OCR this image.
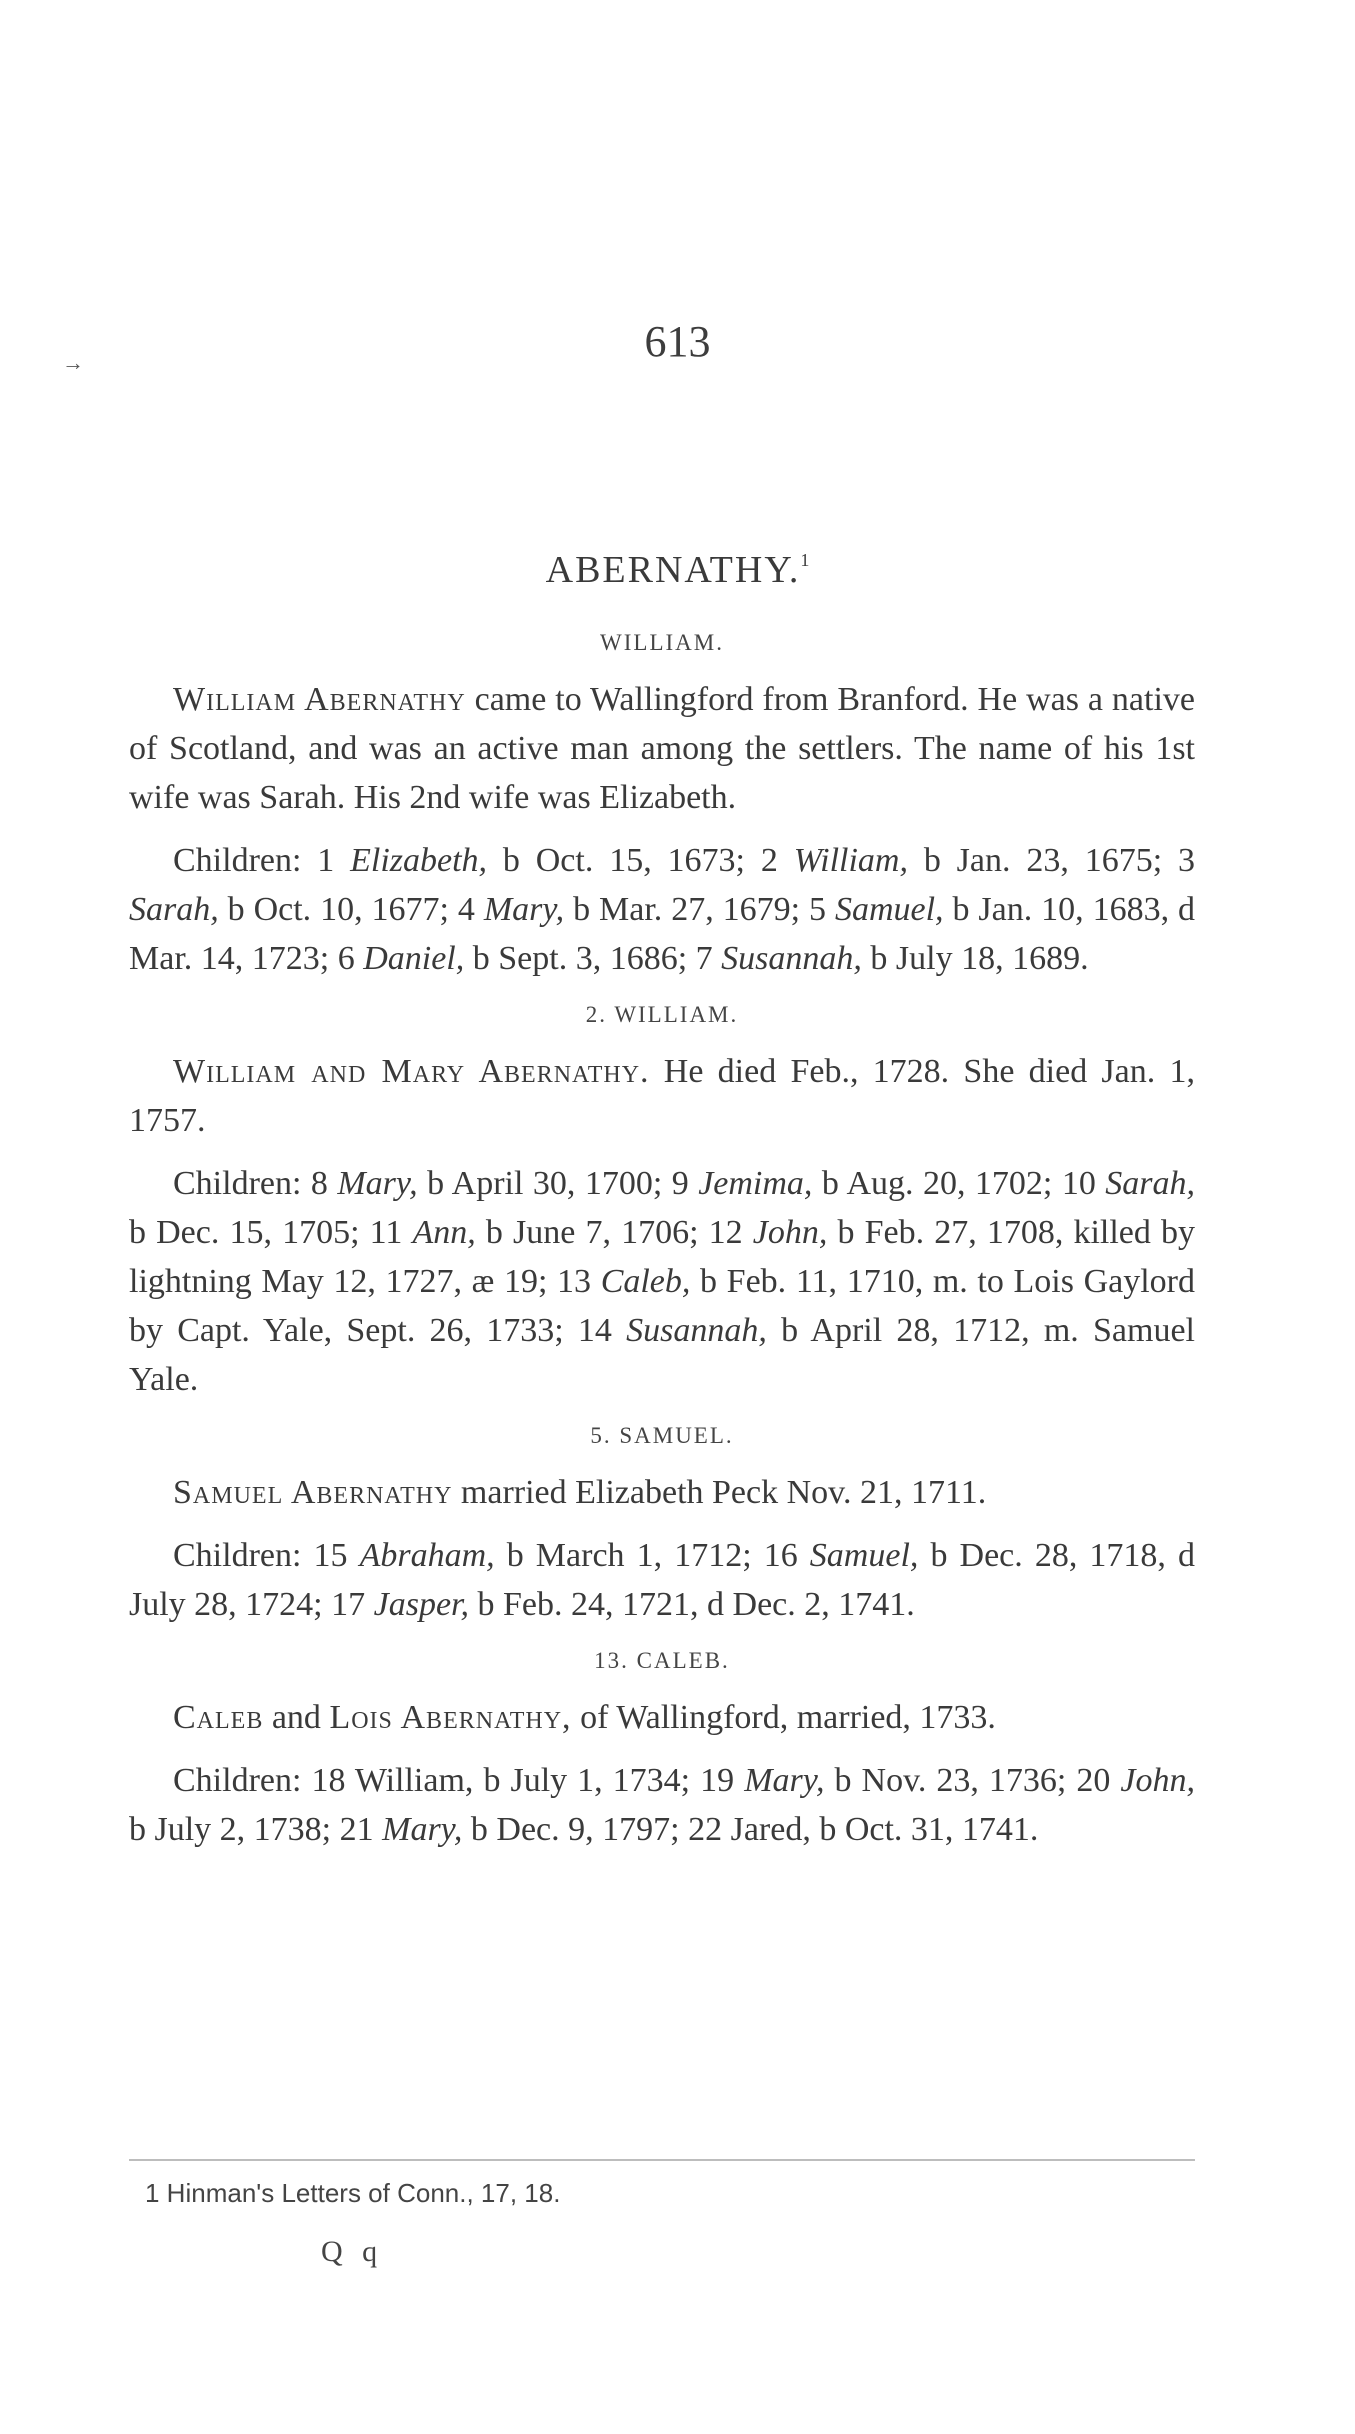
613
→
ABERNATHY.$^1$
WILLIAM.
William Abernathy came to Wallingford from Branford. He was a native of Scotland, and was an active man among the settlers. The name of his 1st wife was Sarah. His 2nd wife was Elizabeth.
Children: 1 Elizabeth, b Oct. 15, 1673; 2 William, b Jan. 23, 1675; 3 Sarah, b Oct. 10, 1677; 4 Mary, b Mar. 27, 1679; 5 Samuel, b Jan. 10, 1683, d Mar. 14, 1723; 6 Daniel, b Sept. 3, 1686; 7 Susannah, b July 18, 1689.
2. WILLIAM.
William and Mary Abernathy. He died Feb., 1728. She died Jan. 1, 1757.
Children: 8 Mary, b April 30, 1700; 9 Jemima, b Aug. 20, 1702; 10 Sarah, b Dec. 15, 1705; 11 Ann, b June 7, 1706; 12 John, b Feb. 27, 1708, killed by lightning May 12, 1727, æ 19; 13 Caleb, b Feb. 11, 1710, m. to Lois Gaylord by Capt. Yale, Sept. 26, 1733; 14 Susannah, b April 28, 1712, m. Samuel Yale.
5. SAMUEL.
Samuel Abernathy married Elizabeth Peck Nov. 21, 1711.
Children: 15 Abraham, b March 1, 1712; 16 Samuel, b Dec. 28, 1718, d July 28, 1724; 17 Jasper, b Feb. 24, 1721, d Dec. 2, 1741.
13. CALEB.
Caleb and Lois Abernathy, of Wallingford, married, 1733.
Children: 18 William, b July 1, 1734; 19 Mary, b Nov. 23, 1736; 20 John, b July 2, 1738; 21 Mary, b Dec. 9, 1797; 22 Jared, b Oct. 31, 1741.
1 Hinman's Letters of Conn., 17, 18.
Q q
